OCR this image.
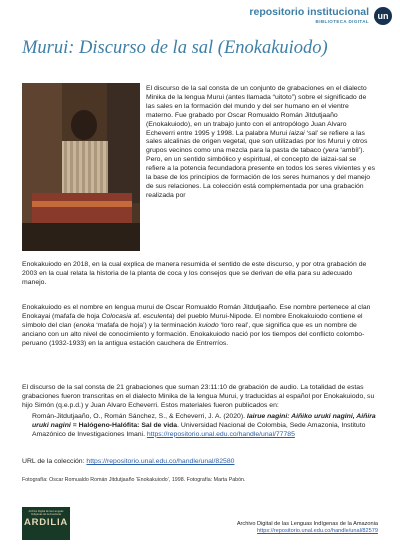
repositorio institucional
BIBLIOTECA DIGITAL
un
Murui: Discurso de la sal (Enokakuiodo)

El discurso de la sal consta de un conjunto de grabaciones en el dialecto Minika de la lengua Murui (antes llamada “uitoto”) sobre el significado de las sales en la formación del mundo y del ser humano en el vientre materno. Fue grabado por Oscar Romualdo Román Jitdutjaaño (Enokakuiodo), en un trabajo junto con el antropólogo Juan Alvaro Echeverri entre 1995 y 1998. La palabra Murui iaizai ‘sal’ se refiere a las sales alcalinas de origen vegetal, que son utilizadas por los Murui y otros grupos vecinos como una mezcla para la pasta de tabaco (yera ‘ambíl’). Pero, en un sentido simbólico y espiritual, el concepto de iaizai-sal se refiere a la potencia fecundadora presente en todos los seres vivientes y es la base de los principios de formación de los seres humanos y del manejo de sus relaciones. La colección está complementada por una grabación realizada por

Enokakuiodo en 2018, en la cual explica de manera resumida el sentido de este discurso, y por otra grabación de 2003 en la cual relata la historia de la planta de coca y los consejos que se derivan de ella para su adecuado manejo.

Enokakuiodo es el nombre en lengua murui de Oscar Romualdo Román Jitdutjaaño. Ese nombre pertenece al clan Enokayai (mafafa de hoja Colocasia af. esculenta) del pueblo Murui-Nipode. El nombre Enokakuiodo contiene el símbolo del clan (enoka ‘mafafa de hoja’) y la terminación kuiodo ‘loro real’, que significa que es un nombre de anciano con un alto nivel de conocimiento y formación. Enokakuiodo nació por los tiempos del conflicto colombo-peruano (1932-1933) en la antigua estación cauchera de Entrerríos.

El discurso de la sal consta de 21 grabaciones que suman 23:11:10 de grabación de audio. La totalidad de estas grabaciones fueron transcritas en el dialecto Minika de la lengua Murui, y traducidas al español por Enokakuiodo, su hijo Simón (q.e.p.d.) y Juan Alvaro Echeverri. Estos materiales fueron publicados en:

Román-Jitdutjaaño, O., Román Sánchez, S., & Echeverri, J. A. (2020). Iairue nagini: Aiñiko uruki nagini, Aiñira uruki nagini = Halógeno-Halófita: Sal de vida. Universidad Nacional de Colombia, Sede Amazonia, Instituto Amazónico de Investigaciones Imani. https://repositorio.unal.edu.co/handle/unal/77785

URL de la colección: https://repositorio.unal.edu.co/handle/unal/82580

Fotografía: Oscar Romualdo Román Jitdutjaaño ‘Enokakuiodo’, 1998. Fotografía: Marta Pabón.
Archivo Digital de las Lenguas
Indígenas de la Amazonia
ARDILIA	Archivo Digital de las Lenguas Indígenas de la Amazonia
https://repositorio.unal.edu.co/handle/unal/82579
